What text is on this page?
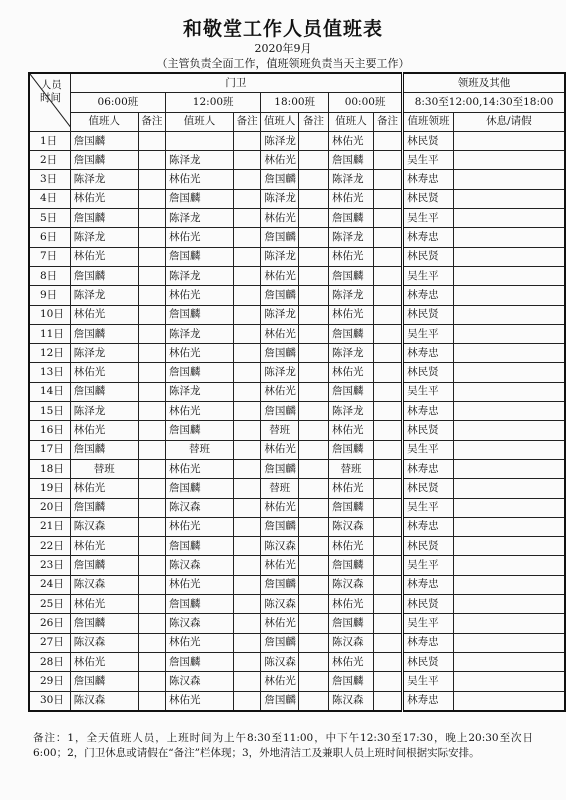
和敬堂工作人员值班表
2020年9月
（主管负责全面工作，值班领班负责当天主要工作）
人员
时间	门卫								领班及其他	
	06:00班		12:00班		18:00班		00:00班		8:30至12:00,14:30至18:00	
	值班人	备注	值班人	备注	值班人	备注	值班人	备注	值班领班	休息/请假
1日	詹国麟				陈泽龙		林佑光		林民贤	
2日	詹国麟		陈泽龙		林佑光		詹国麟		吴生平	
3日	陈泽龙		林佑光		詹国麟		陈泽龙		林寿忠	
4日	林佑光		詹国麟		陈泽龙		林佑光		林民贤	
5日	詹国麟		陈泽龙		林佑光		詹国麟		吴生平	
6日	陈泽龙		林佑光		詹国麟		陈泽龙		林寿忠	
7日	林佑光		詹国麟		陈泽龙		林佑光		林民贤	
8日	詹国麟		陈泽龙		林佑光		詹国麟		吴生平	
9日	陈泽龙		林佑光		詹国麟		陈泽龙		林寿忠	
10日	林佑光		詹国麟		陈泽龙		林佑光		林民贤	
11日	詹国麟		陈泽龙		林佑光		詹国麟		吴生平	
12日	陈泽龙		林佑光		詹国麟		陈泽龙		林寿忠	
13日	林佑光		詹国麟		陈泽龙		林佑光		林民贤	
14日	詹国麟		陈泽龙		林佑光		詹国麟		吴生平	
15日	陈泽龙		林佑光		詹国麟		陈泽龙		林寿忠	
16日	林佑光		詹国麟		替班		林佑光		林民贤	
17日	詹国麟		替班		林佑光		詹国麟		吴生平	
18日	替班		林佑光		詹国麟		替班		林寿忠	
19日	林佑光		詹国麟		替班		林佑光		林民贤	
20日	詹国麟		陈汉森		林佑光		詹国麟		吴生平	
21日	陈汉森		林佑光		詹国麟		陈汉森		林寿忠	
22日	林佑光		詹国麟		陈汉森		林佑光		林民贤	
23日	詹国麟		陈汉森		林佑光		詹国麟		吴生平	
24日	陈汉森		林佑光		詹国麟		陈汉森		林寿忠	
25日	林佑光		詹国麟		陈汉森		林佑光		林民贤	
26日	詹国麟		陈汉森		林佑光		詹国麟		吴生平	
27日	陈汉森		林佑光		詹国麟		陈汉森		林寿忠	
28日	林佑光		詹国麟		陈汉森		林佑光		林民贤	
29日	詹国麟		陈汉森		林佑光		詹国麟		吴生平	
30日	陈汉森		林佑光		詹国麟		陈汉森		林寿忠	
备注：1，全天值班人员，上班时间为上午8:30至11:00，中下午12:30至17:30，晚上20:30至次日6:00；2，门卫休息或请假在“备注”栏体现；3，外地清洁工及兼职人员上班时间根据实际安排。
